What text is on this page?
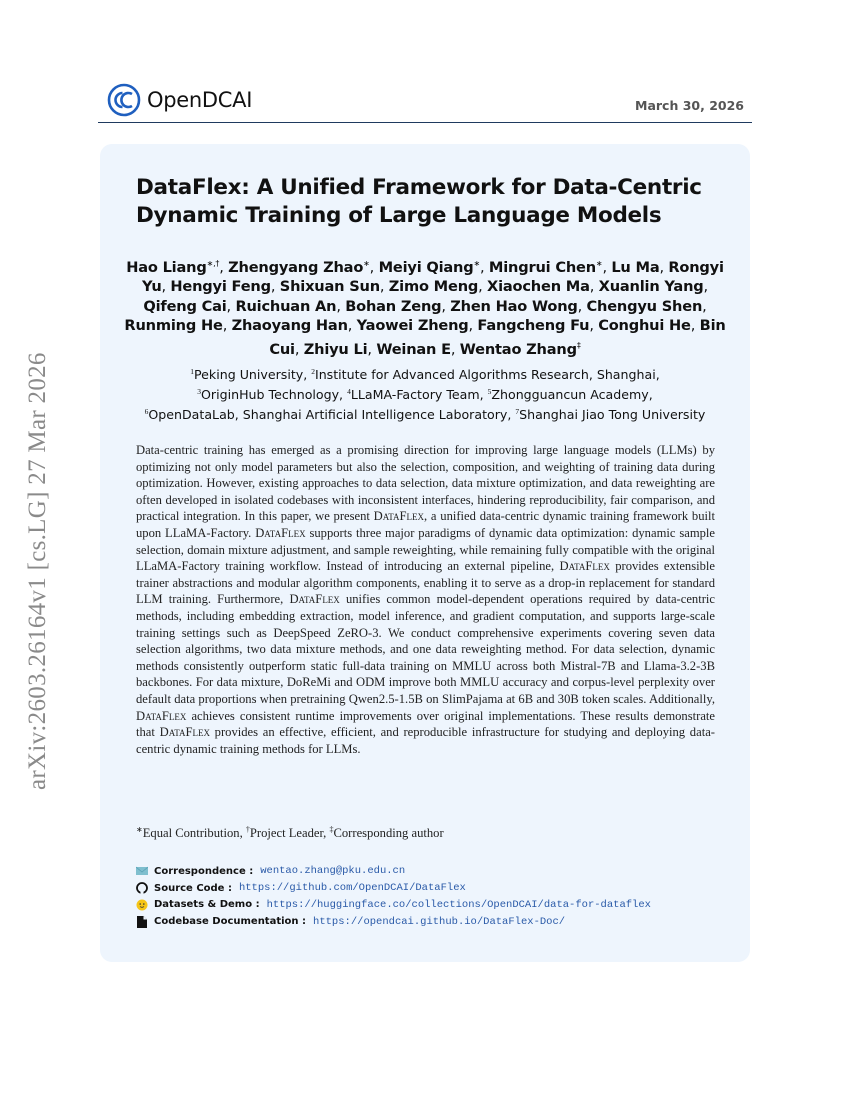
OpenDCAI	March 30, 2026
arXiv:2603.26164v1 [cs.LG] 27 Mar 2026
DataFlex: A Unified Framework for Data-Centric Dynamic Training of Large Language Models
Hao Liang∗,†, Zhengyang Zhao∗, Meiyi Qiang∗, Mingrui Chen∗, Lu Ma, Rongyi Yu, Hengyi Feng, Shixuan Sun, Zimo Meng, Xiaochen Ma, Xuanlin Yang, Qifeng Cai, Ruichuan An, Bohan Zeng, Zhen Hao Wong, Chengyu Shen, Runming He, Zhaoyang Han, Yaowei Zheng, Fangcheng Fu, Conghui He, Bin Cui, Zhiyu Li, Weinan E, Wentao Zhang‡
$^1$Peking University, $^2$Institute for Advanced Algorithms Research, Shanghai,
$^3$OriginHub Technology, $^4$LLaMA-Factory Team, $^5$Zhongguancun Academy,
$^6$OpenDataLab, Shanghai Artificial Intelligence Laboratory, $^7$Shanghai Jiao Tong University
Data-centric training has emerged as a promising direction for improving large language models (LLMs) by optimizing not only model parameters but also the selection, composition, and weighting of training data during optimization. However, existing approaches to data selection, data mixture optimization, and data reweighting are often developed in isolated codebases with inconsistent interfaces, hindering reproducibility, fair comparison, and practical integration. In this paper, we present DataFlex, a unified data-centric dynamic training framework built upon LLaMA-Factory. DataFlex supports three major paradigms of dynamic data optimization: dynamic sample selection, domain mixture adjustment, and sample reweighting, while remaining fully compatible with the original LLaMA-Factory training workflow. Instead of introducing an external pipeline, DataFlex provides extensible trainer abstractions and modular algorithm components, enabling it to serve as a drop-in replacement for standard LLM training. Furthermore, DataFlex unifies common model-dependent operations required by data-centric methods, including embedding extraction, model inference, and gradient computation, and supports large-scale training settings such as DeepSpeed ZeRO-3. We conduct comprehensive experiments covering seven data selection algorithms, two data mixture methods, and one data reweighting method. For data selection, dynamic methods consistently outperform static full-data training on MMLU across both Mistral-7B and Llama-3.2-3B backbones. For data mixture, DoReMi and ODM improve both MMLU accuracy and corpus-level perplexity over default data proportions when pretraining Qwen2.5-1.5B on SlimPajama at 6B and 30B token scales. Additionally, DataFlex achieves consistent runtime improvements over original implementations. These results demonstrate that DataFlex provides an effective, efficient, and reproducible infrastructure for studying and deploying data-centric dynamic training methods for LLMs.
∗Equal Contribution, †Project Leader, ‡Corresponding author
Correspondence : wentao.zhang@pku.edu.cn
Source Code : https://github.com/OpenDCAI/DataFlex
Datasets & Demo : https://huggingface.co/collections/OpenDCAI/data-for-dataflex
Codebase Documentation : https://opendcai.github.io/DataFlex-Doc/
